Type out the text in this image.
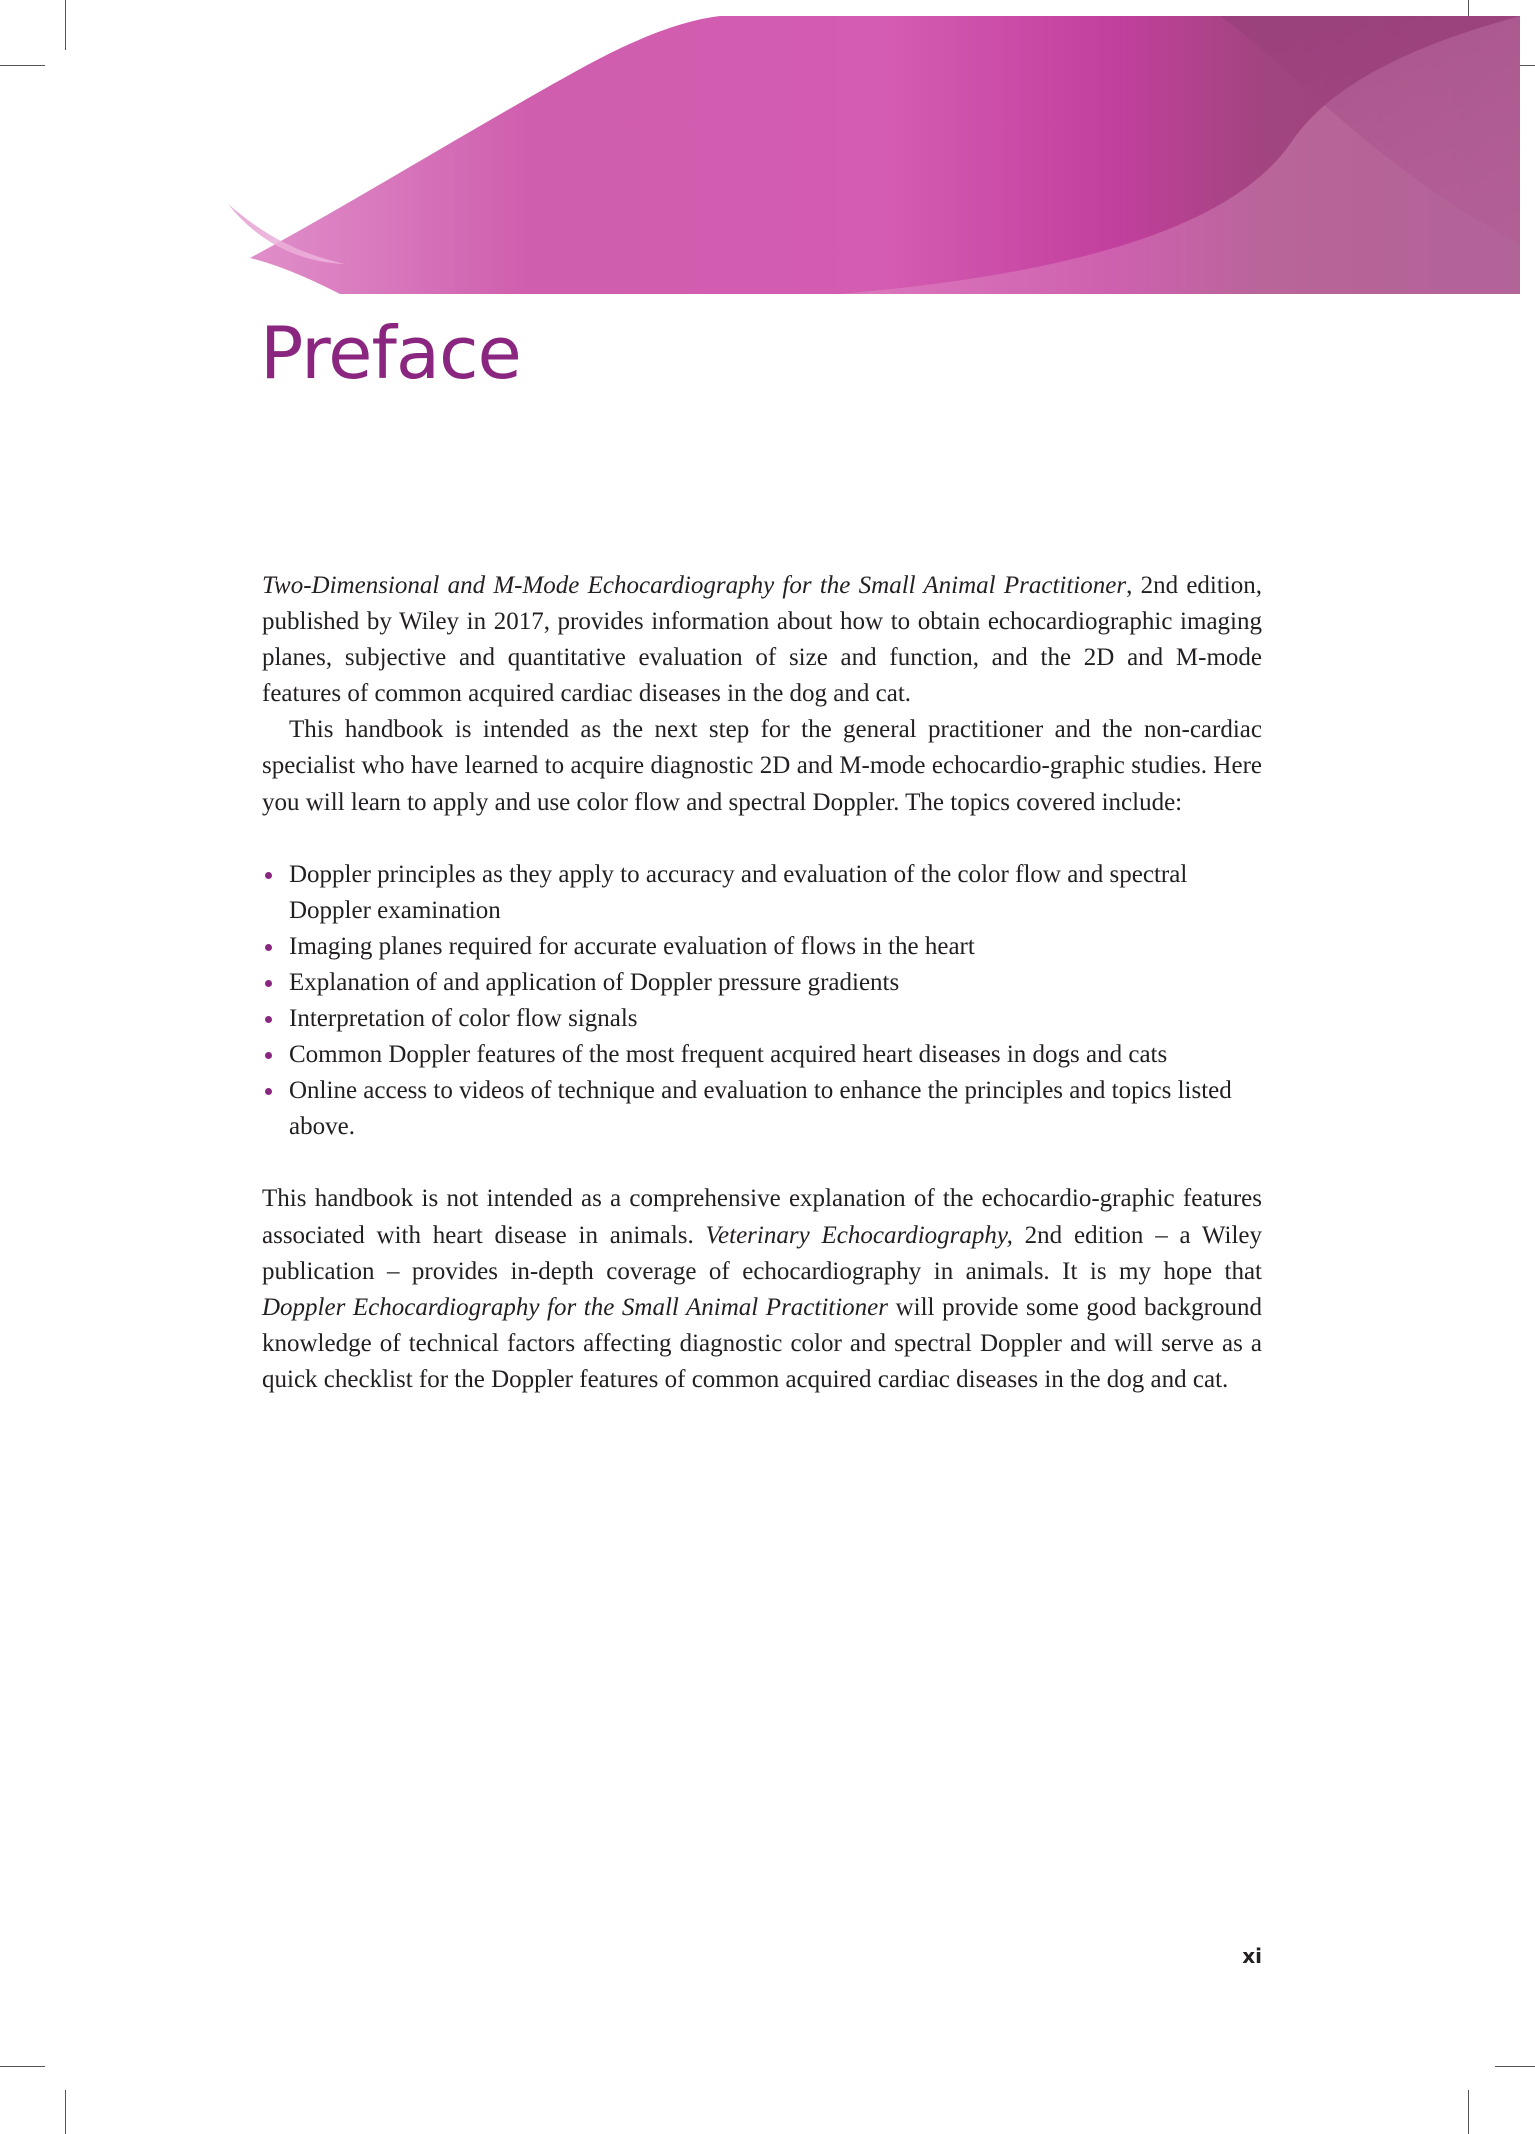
Preface

Two-Dimensional and M-Mode Echocardiography for the Small Animal Practitioner, 2nd edition, published by Wiley in 2017, provides information about how to obtain echocardiographic imaging planes, subjective and quantitative evaluation of size and function, and the 2D and M-mode features of common acquired cardiac diseases in the dog and cat.

This handbook is intended as the next step for the general practitioner and the non-cardiac specialist who have learned to acquire diagnostic 2D and M-mode echocardio-graphic studies. Here you will learn to apply and use color flow and spectral Doppler. The topics covered include:

Doppler principles as they apply to accuracy and evaluation of the color flow and spectral Doppler examination
Imaging planes required for accurate evaluation of flows in the heart
Explanation of and application of Doppler pressure gradients
Interpretation of color flow signals
Common Doppler features of the most frequent acquired heart diseases in dogs and cats
Online access to videos of technique and evaluation to enhance the principles and topics listed above.

This handbook is not intended as a comprehensive explanation of the echocardio-graphic features associated with heart disease in animals. Veterinary Echocardiography, 2nd edition – a Wiley publication – provides in-depth coverage of echocardiography in animals. It is my hope that Doppler Echocardiography for the Small Animal Practitioner will provide some good background knowledge of technical factors affecting diagnostic color and spectral Doppler and will serve as a quick checklist for the Doppler features of common acquired cardiac diseases in the dog and cat.

xi
